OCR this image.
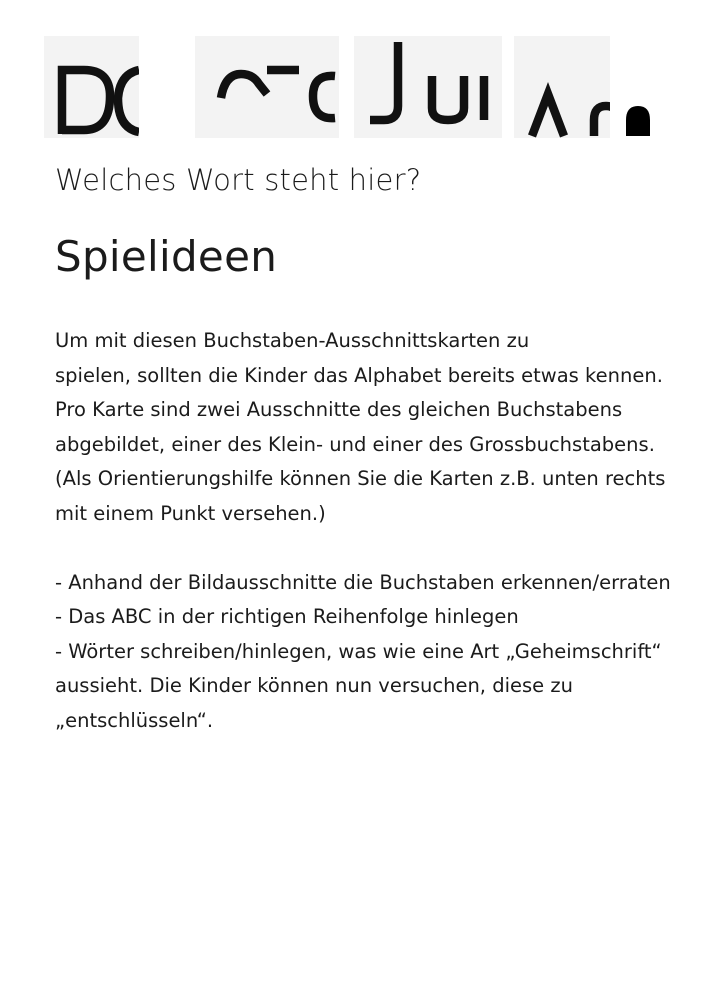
Welches Wort steht hier?
Spielideen

Um mit diesen Buchstaben-Ausschnittskarten zu

spielen, sollten die Kinder das Alphabet bereits etwas kennen.

Pro Karte sind zwei Ausschnitte des gleichen Buchstabens

abgebildet, einer des Klein- und einer des Grossbuchstabens.

(Als Orientierungshilfe können Sie die Karten z.B. unten rechts

mit einem Punkt versehen.)

- Anhand der Bildausschnitte die Buchstaben erkennen/erraten

- Das ABC in der richtigen Reihenfolge hinlegen

- Wörter schreiben/hinlegen, was wie eine Art „Geheimschrift“

aussieht. Die Kinder können nun versuchen, diese zu

„entschlüsseln“.
